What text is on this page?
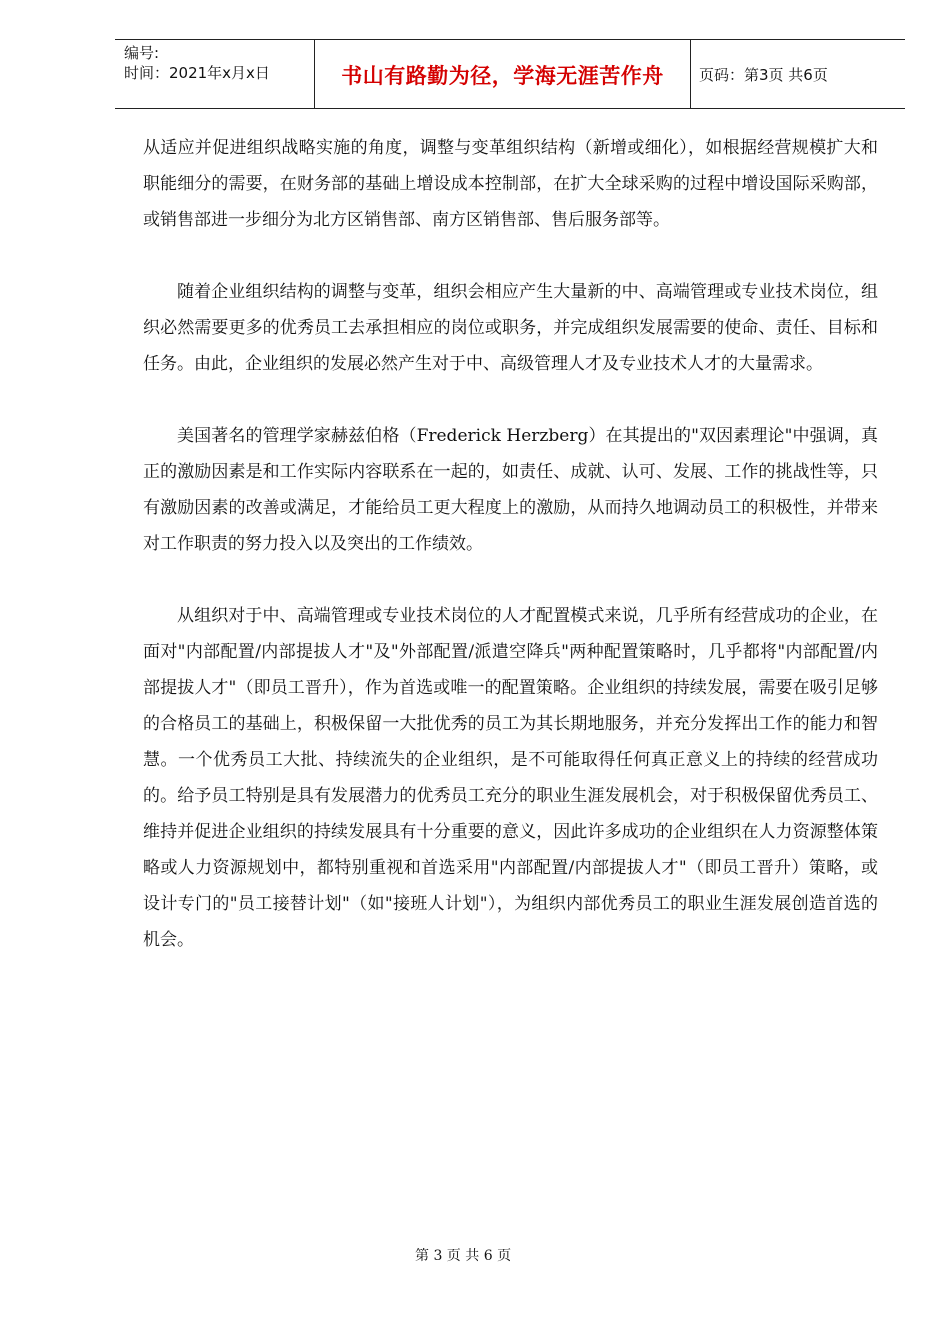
编号:
时间：2021年x月x日	书山有路勤为径，学海无涯苦作舟	页码：第3页 共6页

从适应并促进组织战略实施的角度，调整与变革组织结构（新增或细化），如根据经营规模扩大和职能细分的需要，在财务部的基础上增设成本控制部，在扩大全球采购的过程中增设国际采购部，或销售部进一步细分为北方区销售部、南方区销售部、售后服务部等。

随着企业组织结构的调整与变革，组织会相应产生大量新的中、高端管理或专业技术岗位，组织必然需要更多的优秀员工去承担相应的岗位或职务，并完成组织发展需要的使命、责任、目标和任务。由此，企业组织的发展必然产生对于中、高级管理人才及专业技术人才的大量需求。

美国著名的管理学家赫兹伯格（Frederick Herzberg）在其提出的"双因素理论"中强调，真正的激励因素是和工作实际内容联系在一起的，如责任、成就、认可、发展、工作的挑战性等，只有激励因素的改善或满足，才能给员工更大程度上的激励，从而持久地调动员工的积极性，并带来对工作职责的努力投入以及突出的工作绩效。

从组织对于中、高端管理或专业技术岗位的人才配置模式来说，几乎所有经营成功的企业，在面对"内部配置/内部提拔人才"及"外部配置/派遣空降兵"两种配置策略时，几乎都将"内部配置/内部提拔人才"（即员工晋升），作为首选或唯一的配置策略。企业组织的持续发展，需要在吸引足够的合格员工的基础上，积极保留一大批优秀的员工为其长期地服务，并充分发挥出工作的能力和智慧。一个优秀员工大批、持续流失的企业组织，是不可能取得任何真正意义上的持续的经营成功的。给予员工特别是具有发展潜力的优秀员工充分的职业生涯发展机会，对于积极保留优秀员工、维持并促进企业组织的持续发展具有十分重要的意义，因此许多成功的企业组织在人力资源整体策略或人力资源规划中，都特别重视和首选采用"内部配置/内部提拔人才"（即员工晋升）策略，或设计专门的"员工接替计划"（如"接班人计划"），为组织内部优秀员工的职业生涯发展创造首选的机会。

第 3 页 共 6 页
